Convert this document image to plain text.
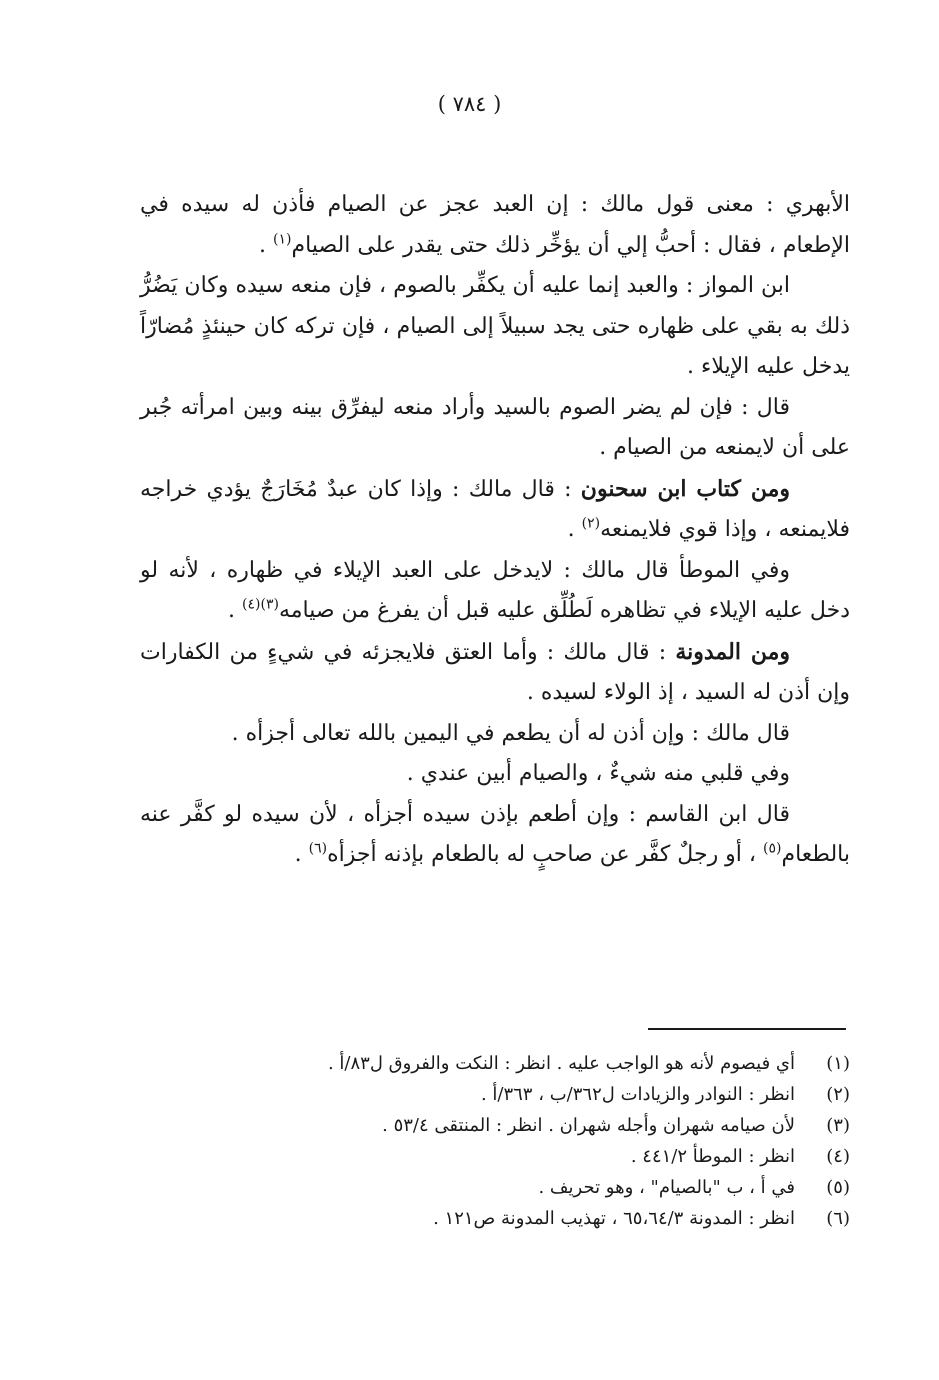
( ٧٨٤ )

الأبهري : معنى قول مالك : إن العبد عجز عن الصيام فأذن له سيده في الإطعام ، فقال : أحبُّ إلي أن يؤخِّر ذلك حتى يقدر على الصيام$^{(١)}$ .

ابن المواز : والعبد إنما عليه أن يكفِّر بالصوم ، فإن منعه سيده وكان يَضُرُّ ذلك به بقي على ظهاره حتى يجد سبيلاً إلى الصيام ، فإن تركه كان حينئذٍ مُضارّاً يدخل عليه الإيلاء .

قال : فإن لم يضر الصوم بالسيد وأراد منعه ليفرِّق بينه وبين امرأته جُبر على أن لايمنعه من الصيام .

ومن كتاب ابن سحنون : قال مالك : وإذا كان عبدٌ مُخَارَجٌ يؤدي خراجه فلايمنعه ، وإذا قوي فلايمنعه$^{(٢)}$ .

وفي الموطأ قال مالك : لايدخل على العبد الإيلاء في ظهاره ، لأنه لو دخل عليه الإيلاء في تظاهره لَطُلِّق عليه قبل أن يفرغ من صيامه$^{(٣)(٤)}$ .

ومن المدونة : قال مالك : وأما العتق فلايجزئه في شيءٍ من الكفارات وإن أذن له السيد ، إذ الولاء لسيده .

قال مالك : وإن أذن له أن يطعم في اليمين بالله تعالى أجزأه .

وفي قلبي منه شيءٌ ، والصيام أبين عندي .

قال ابن القاسم : وإن أطعم بإذن سيده أجزأه ، لأن سيده لو كفَّر عنه بالطعام$^{(٥)}$ ، أو رجلٌ كفَّر عن صاحبٍ له بالطعام بإذنه أجزأه$^{(٦)}$ .

(١)
أي فيصوم لأنه هو الواجب عليه . انظر : النكت والفروق ل٨٣/أ .
(٢)
انظر : النوادر والزيادات ل٣٦٢/ب ، ٣٦٣/أ .
(٣)
لأن صيامه شهران وأجله شهران . انظر : المنتقى ٥٣/٤ .
(٤)
انظر : الموطأ ٤٤١/٢ .
(٥)
في أ ، ب "بالصيام" ، وهو تحريف .
(٦)
انظر : المدونة ٦٥،٦٤/٣ ، تهذيب المدونة ص١٢١ .
